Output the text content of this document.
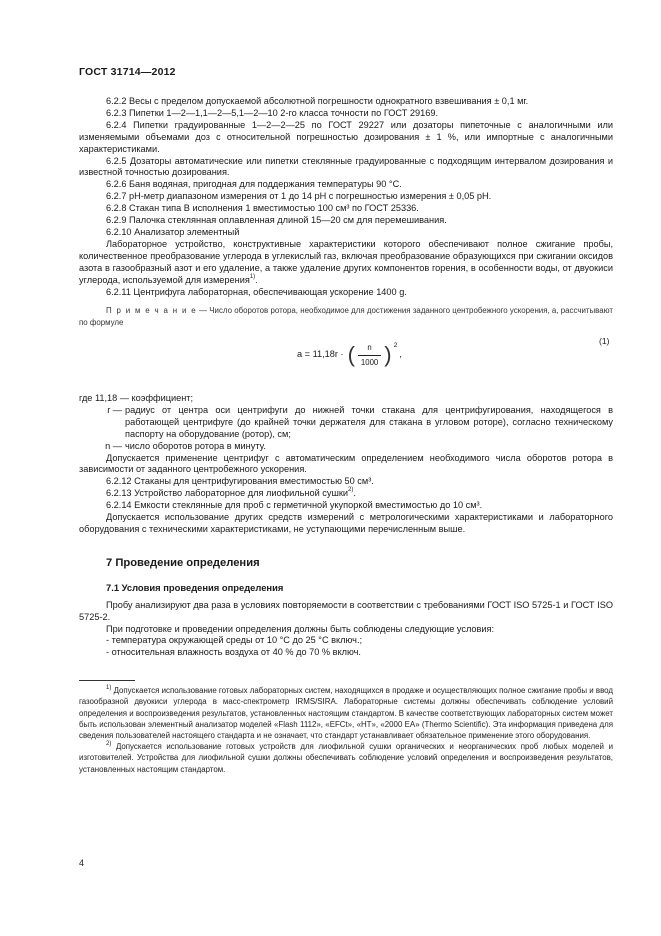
ГОСТ 31714—2012

6.2.2 Весы с пределом допускаемой абсолютной погрешности однократного взвешивания ± 0,1 мг.

6.2.3 Пипетки 1—2—1,1—2—5,1—2—10 2-го класса точности по ГОСТ 29169.

6.2.4 Пипетки градуированные 1—2—2—25 по ГОСТ 29227 или дозаторы пипеточные с аналогичными или изменяемыми объемами доз с относительной погрешностью дозирования ± 1 %, или импортные с аналогичными характеристиками.

6.2.5 Дозаторы автоматические или пипетки стеклянные градуированные с подходящим интервалом дозирования и известной точностью дозирования.

6.2.6 Баня водяная, пригодная для поддержания температуры 90 °С.

6.2.7 pH-метр диапазоном измерения от 1 до 14 рН с погрешностью измерения ± 0,05 pH.

6.2.8 Стакан типа В исполнения 1 вместимостью 100 см³ по ГОСТ 25336.

6.2.9 Палочка стеклянная оплавленная длиной 15—20 см для перемешивания.

6.2.10 Анализатор элементный

Лабораторное устройство, конструктивные характеристики которого обеспечивают полное сжигание пробы, количественное преобразование углерода в углекислый газ, включая преобразование образующихся при сжигании оксидов азота в газообразный азот и его удаление, а также удаление других компонентов горения, в особенности воды, от двуокиси углерода, используемой для измерения$^{1)}$.

6.2.11 Центрифуга лабораторная, обеспечивающая ускорение 1400 g.

П р и м е ч а н и е — Число оборотов ротора, необходимое для достижения заданного центробежного ускорения, a, рассчитывают по формуле

a = 11,18r · ( $\frac{n}{1000}$ ) 2
,
(1)

где 11,18 — коэффициент;

r — радиус от центра оси центрифуги до нижней точки стакана для центрифугирования, находящегося в работающей центрифуге (до крайней точки держателя для стакана в угловом роторе), согласно техническому паспорту на оборудование (ротор), см;
n — число оборотов ротора в минуту.

Допускается применение центрифуг с автоматическим определением необходимого числа оборотов ротора в зависимости от заданного центробежного ускорения.

6.2.12 Стаканы для центрифугирования вместимостью 50 см³.

6.2.13 Устройство лабораторное для лиофильной сушки$^{2)}$.

6.2.14 Емкости стеклянные для проб с герметичной укупоркой вместимостью до 10 см³.

Допускается использование других средств измерений с метрологическими характеристиками и лабораторного оборудования с техническими характеристиками, не уступающими перечисленным выше.

7 Проведение определения
7.1 Условия проведения определения

Пробу анализируют два раза в условиях повторяемости в соответствии с требованиями ГОСТ ISO 5725-1 и ГОСТ ISO 5725-2.

При подготовке и проведении определения должны быть соблюдены следующие условия:

- температура окружающей среды от 10 °С до 25 °С включ.;

- относительная влажность воздуха от 40 % до 70 % включ.

$^{1)}$ Допускается использование готовых лабораторных систем, находящихся в продаже и осуществляющих полное сжигание пробы и ввод газообразной двуокиси углерода в масс-спектрометр IRMS/SIRA. Лабораторные системы должны обеспечивать соблюдение условий определения и воспроизведения результатов, установленных настоящим стандартом. В качестве соответствующих лабораторных систем может быть использован элементный анализатор моделей «Flash 1112», «EFCt», «HT», «2000 EA» (Thermo Scientific). Эта информация приведена для сведения пользователей настоящего стандарта и не означает, что стандарт устанавливает обязательное применение этого оборудования.

$^{2)}$ Допускается использование готовых устройств для лиофильной сушки органических и неорганических проб любых моделей и изготовителей. Устройства для лиофильной сушки должны обеспечивать соблюдение условий определения и воспроизведения результатов, установленных настоящим стандартом.

4
